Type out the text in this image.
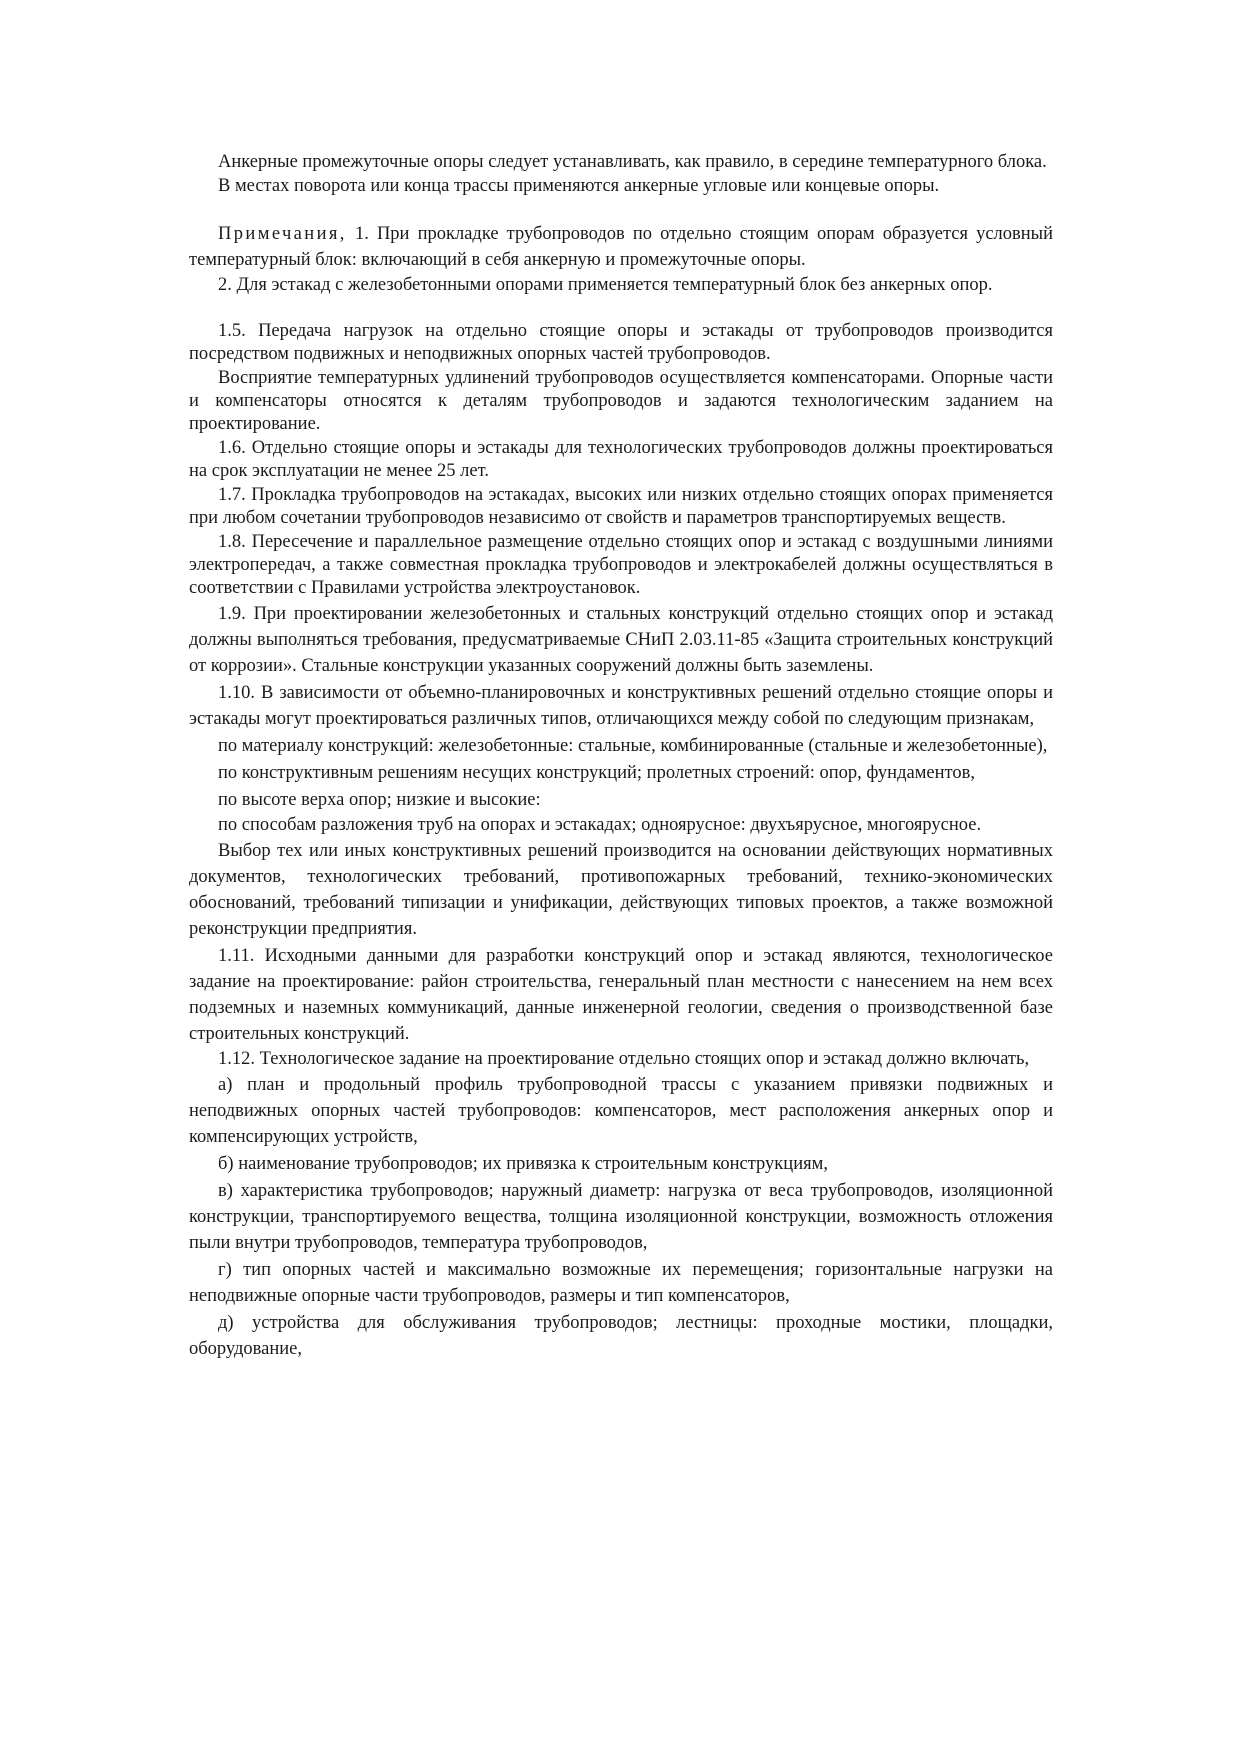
Анкерные промежуточные опоры следует устанавливать, как правило, в середине температурного блока.

В местах поворота или конца трассы применяются анкерные угловые или концевые опоры.

Примечания, 1. При прокладке трубопроводов по отдельно стоящим опорам образуется условный температурный блок: включающий в себя анкерную и промежуточные опоры.

2. Для эстакад с железобетонными опорами применяется температурный блок без анкерных опор.

1.5. Передача нагрузок на отдельно стоящие опоры и эстакады от трубопроводов производится посредством подвижных и неподвижных опорных частей трубопроводов.

Восприятие температурных удлинений трубопроводов осуществляется компенсаторами. Опорные части и компенсаторы относятся к деталям трубопроводов и задаются технологическим заданием на проектирование.

1.6. Отдельно стоящие опоры и эстакады для технологических трубопроводов должны проектироваться на срок эксплуатации не менее 25 лет.

1.7. Прокладка трубопроводов на эстакадах, высоких или низких отдельно стоящих опорах применяется при любом сочетании трубопроводов независимо от свойств и параметров транспортируемых веществ.

1.8. Пересечение и параллельное размещение отдельно стоящих опор и эстакад с воздушными линиями электропередач, а также совместная прокладка трубопроводов и электрокабелей должны осуществляться в соответствии с Правилами устройства электроустановок.

1.9. При проектировании железобетонных и стальных конструкций отдельно стоящих опор и эстакад должны выполняться требования, предусматриваемые СНиП 2.03.11-85 «Защита строительных конструкций от коррозии». Стальные конструкции указанных сооружений должны быть заземлены.

1.10. В зависимости от объемно-планировочных и конструктивных решений отдельно стоящие опоры и эстакады могут проектироваться различных типов, отличающихся между собой по следующим признакам,

по материалу конструкций: железобетонные: стальные, комбинированные (стальные и железобетонные),

по конструктивным решениям несущих конструкций; пролетных строений: опор, фундаментов,

по высоте верха опор; низкие и высокие:

по способам разложения труб на опорах и эстакадах; одноярусное: двухъярусное, многоярусное.

Выбор тех или иных конструктивных решений производится на основании действующих нормативных документов, технологических требований, противопожарных требований, технико-экономических обоснований, требований типизации и унификации, действующих типовых проектов, а также возможной реконструкции предприятия.

1.11. Исходными данными для разработки конструкций опор и эстакад являются, технологическое задание на проектирование: район строительства, генеральный план местности с нанесением на нем всех подземных и наземных коммуникаций, данные инженерной геологии, сведения о производственной базе строительных конструкций.

1.12. Технологическое задание на проектирование отдельно стоящих опор и эстакад должно включать,

а) план и продольный профиль трубопроводной трассы с указанием привязки подвижных и неподвижных опорных частей трубопроводов: компенсаторов, мест расположения анкерных опор и компенсирующих устройств,

б) наименование трубопроводов; их привязка к строительным конструкциям,

в) характеристика трубопроводов; наружный диаметр: нагрузка от веса трубопроводов, изоляционной конструкции, транспортируемого вещества, толщина изоляционной конструкции, возможность отложения пыли внутри трубопроводов, температура трубопроводов,

г) тип опорных частей и максимально возможные их перемещения; горизонтальные нагрузки на неподвижные опорные части трубопроводов, размеры и тип компенсаторов,

д) устройства для обслуживания трубопроводов; лестницы: проходные мостики, площадки, оборудование,
